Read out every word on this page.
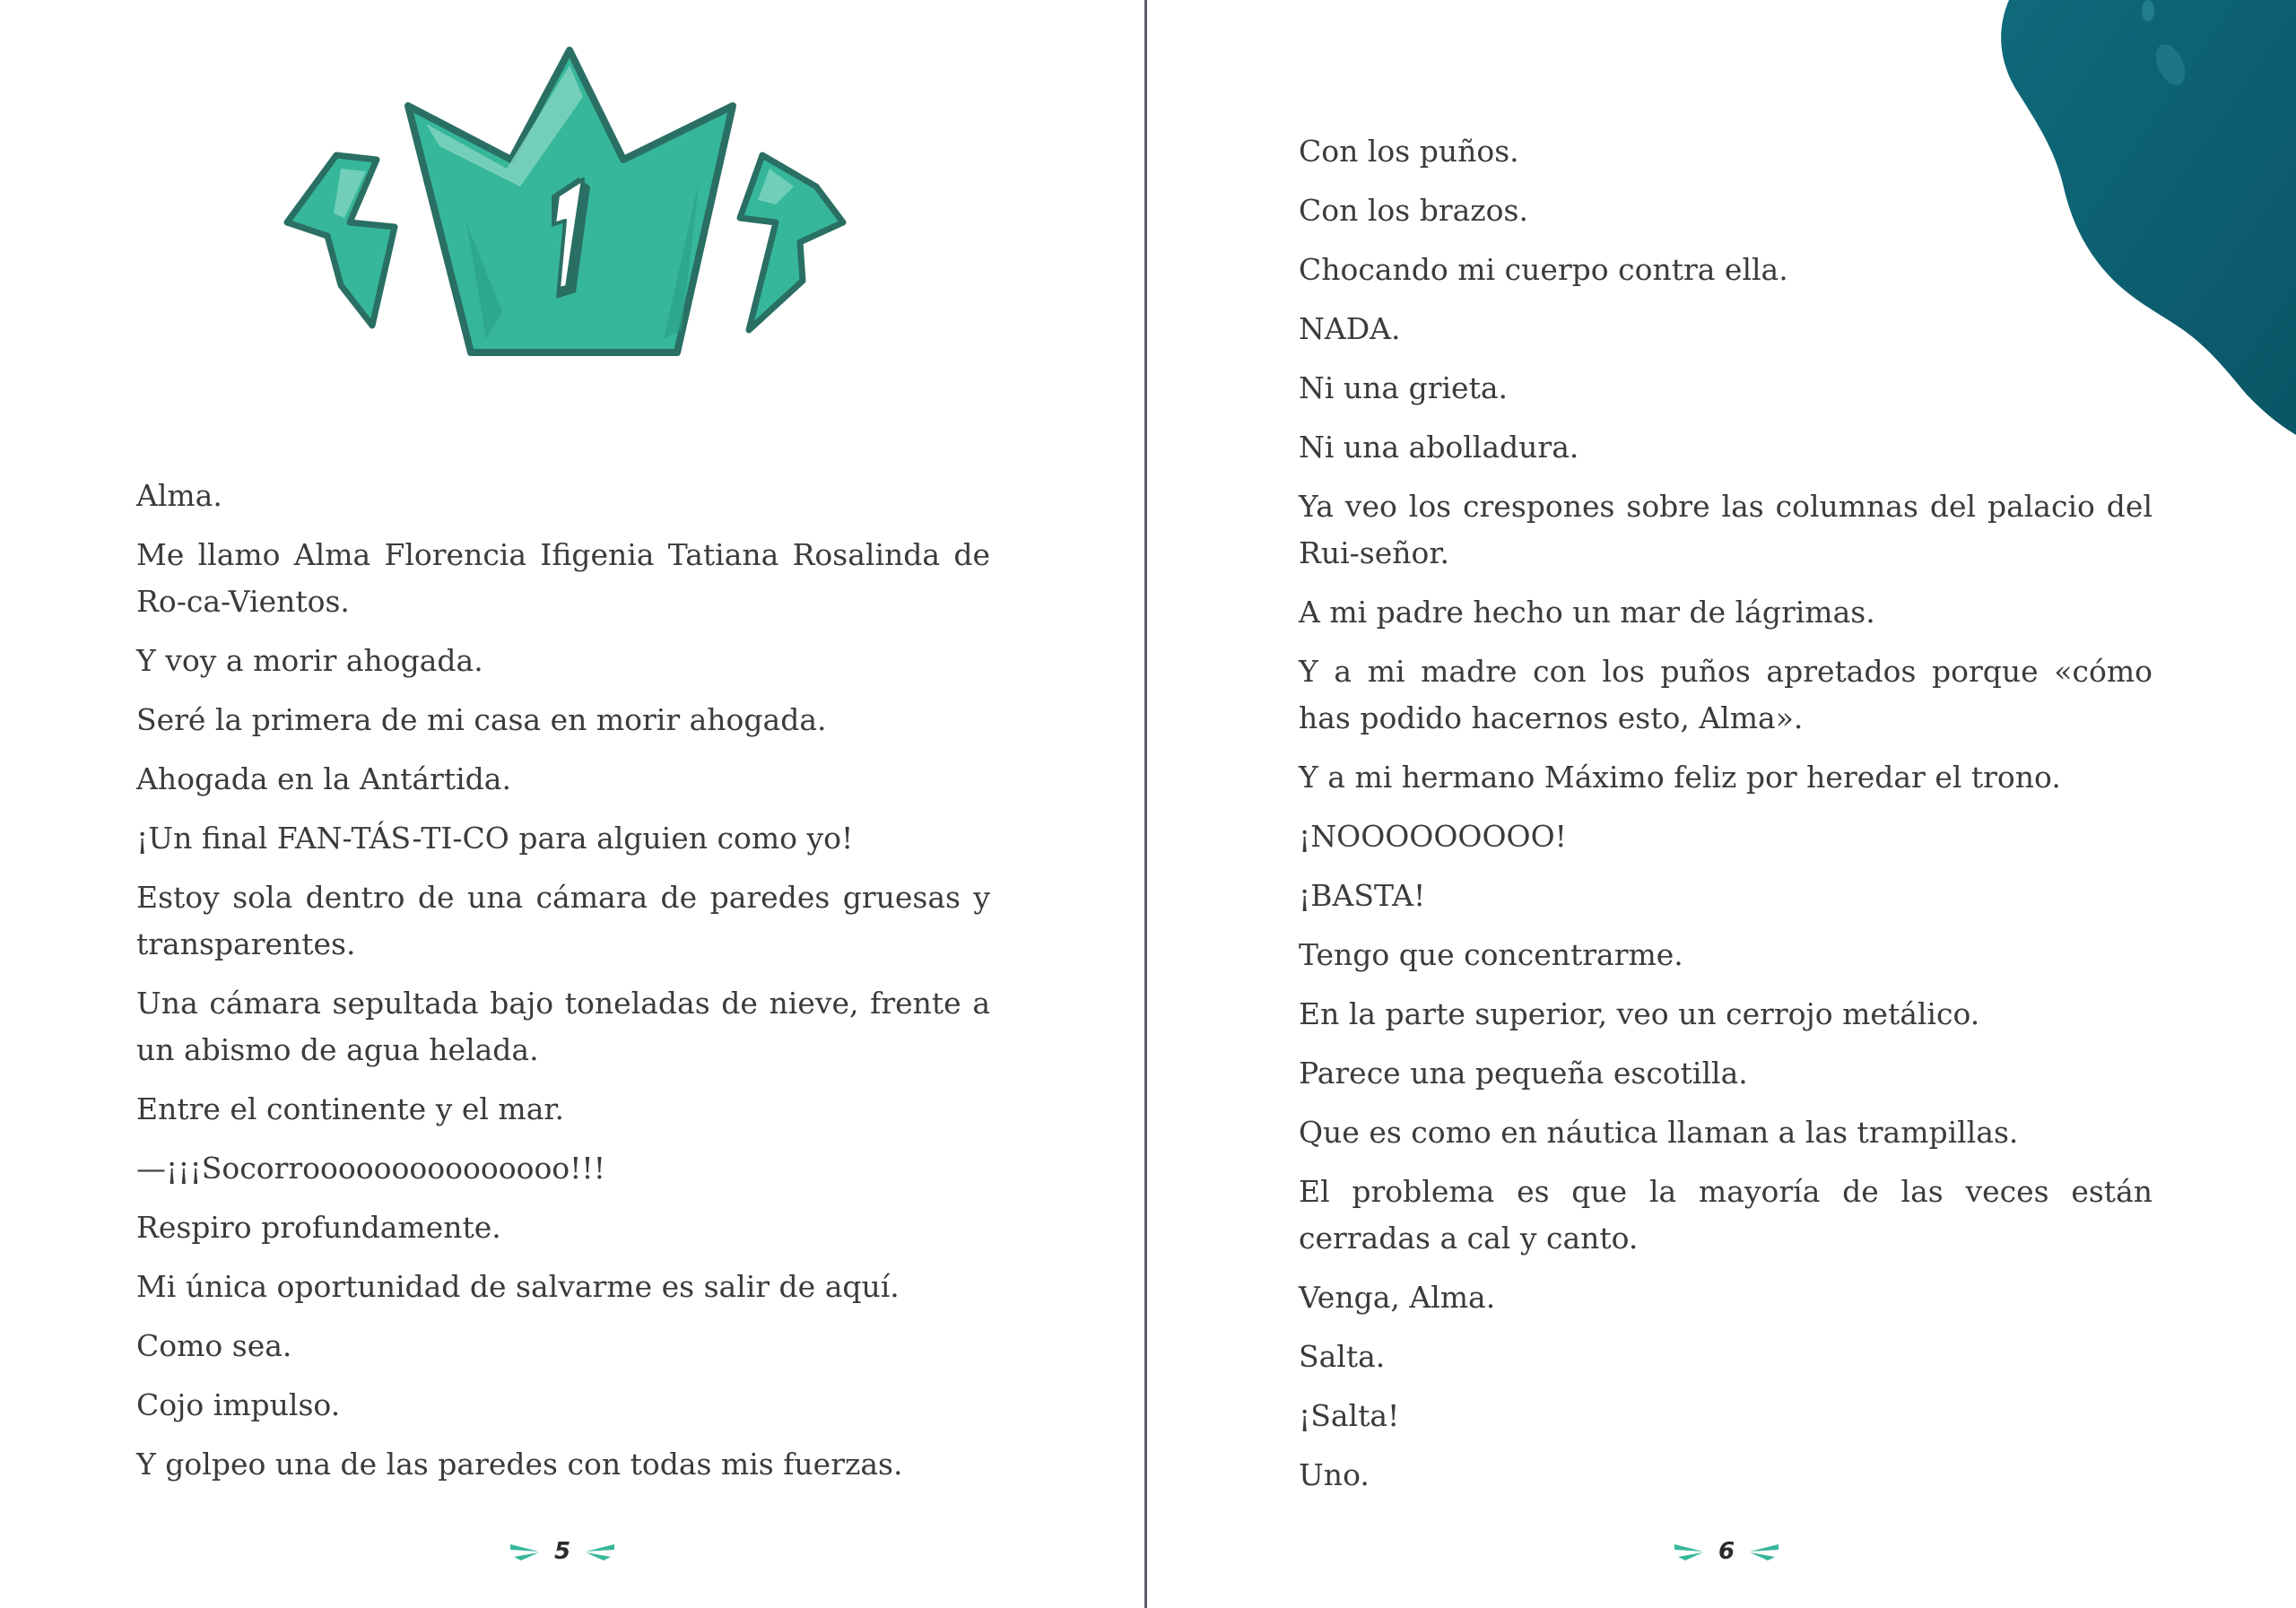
1

Alma.

Me llamo Alma Florencia Ifigenia Tatiana Rosalinda de Ro-ca-Vientos.

Y voy a morir ahogada.

Seré la primera de mi casa en morir ahogada.

Ahogada en la Antártida.

¡Un final FAN-TÁS-TI-CO para alguien como yo!

Estoy sola dentro de una cámara de paredes gruesas y transparentes.

Una cámara sepultada bajo toneladas de nieve, frente a un abismo de agua helada.

Entre el continente y el mar.

—¡¡¡Socorrooooooooooooooo!!!

Respiro profundamente.

Mi única oportunidad de salvarme es salir de aquí.

Como sea.

Cojo impulso.

Y golpeo una de las paredes con todas mis fuerzas.

5

Con los puños.

Con los brazos.

Chocando mi cuerpo contra ella.

NADA.

Ni una grieta.

Ni una abolladura.

Ya veo los crespones sobre las columnas del palacio del Rui-señor.

A mi padre hecho un mar de lágrimas.

Y a mi madre con los puños apretados porque «cómo has podido hacernos esto, Alma».

Y a mi hermano Máximo feliz por heredar el trono.

¡NOOOOOOOOO!

¡BASTA!

Tengo que concentrarme.

En la parte superior, veo un cerrojo metálico.

Parece una pequeña escotilla.

Que es como en náutica llaman a las trampillas.

El problema es que la mayoría de las veces están cerradas a cal y canto.

Venga, Alma.

Salta.

¡Salta!

Uno.

6
